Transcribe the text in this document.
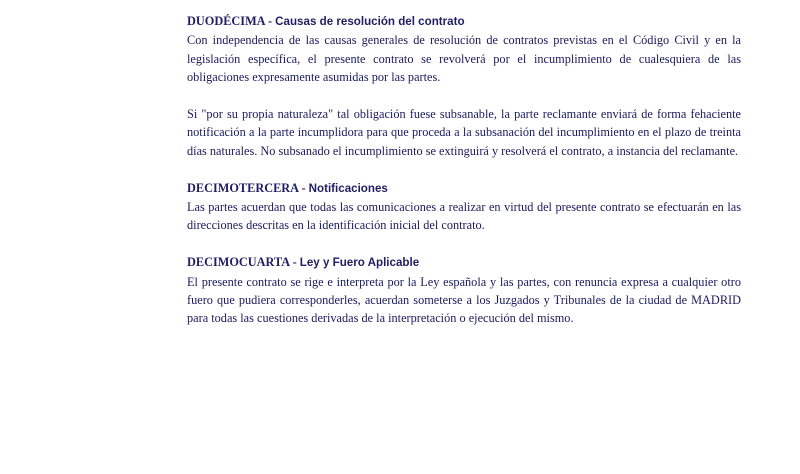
DUODÉCIMA - Causas de resolución del contrato

Con independencia de las causas generales de resolución de contratos previstas en el Código Civil y en la legislación específica, el presente contrato se revolverá por el incumplimiento de cualesquiera de las obligaciones expresamente asumidas por las partes.

Si "por su propia naturaleza" tal obligación fuese subsanable, la parte reclamante enviará de forma fehaciente notificación a la parte incumplidora para que proceda a la subsanación del incumplimiento en el plazo de treinta días naturales. No subsanado el incumplimiento se extinguirá y resolverá el contrato, a instancia del reclamante.

DECIMOTERCERA - Notificaciones

Las partes acuerdan que todas las comunicaciones a realizar en virtud del presente contrato se efectuarán en las direcciones descritas en la identificación inicial del contrato.

DECIMOCUARTA - Ley y Fuero Aplicable

El presente contrato se rige e interpreta por la Ley española y las partes, con renuncia expresa a cualquier otro fuero que pudiera corresponderles, acuerdan someterse a los Juzgados y Tribunales de la ciudad de MADRID para todas las cuestiones derivadas de la interpretación o ejecución del mismo.
